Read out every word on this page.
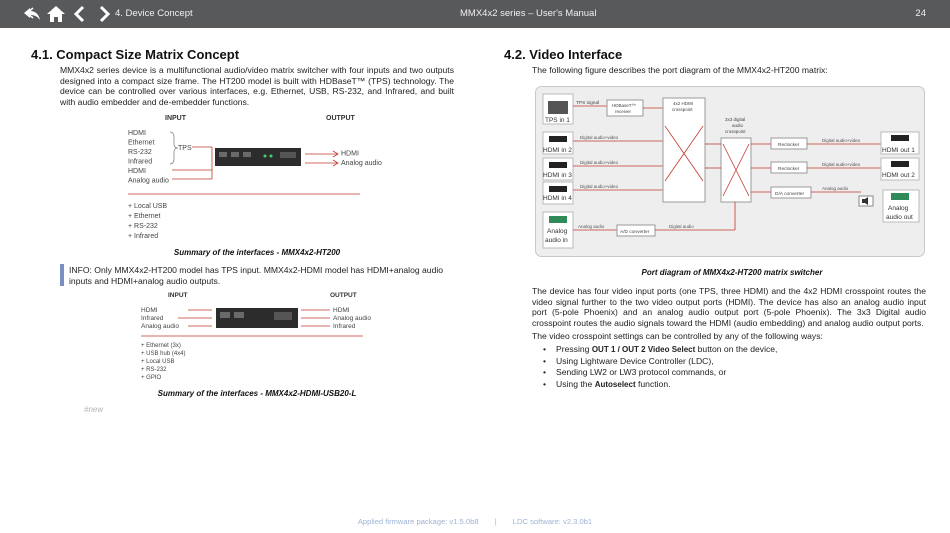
4. Device Concept	MMX4x2 series – User's Manual	24
4.1. Compact Size Matrix Concept

MMX4x2 series device is a multifunctional audio/video matrix switcher with four inputs and two outputs designed into a compact size frame. The HT200 model is built with HDBaseT™ (TPS) technology. The device can be controlled over various interfaces, e.g. Ethernet, USB, RS-232, and Infrared, and built with audio embedder and de-embedder functions.

INPUT	OUTPUT
HDMI
Ethernet
RS-232
Infrared
HDMI
Analog audio
TPS
HDMI
Analog audio
+ Local USB
+ Ethernet
+ RS-232
+ Infrared
Summary of the interfaces - MMX4x2-HT200
INFO: Only MMX4x2-HT200 model has TPS input. MMX4x2-HDMI model has HDMI+analog audio inputs and HDMI+analog audio outputs.
INPUT	OUTPUT
HDMI
Infrared
Analog audio
HDMI
Analog audio
Infrared
+ Ethernet (3x)
+ USB hub (4x4)
+ Local USB
+ RS-232
+ GPIO
Summary of the interfaces - MMX4x2-HDMI-USB20-L
#new
4.2. Video Interface

The following figure describes the port diagram of the MMX4x2-HT200 matrix:

TPS in 1
HDMI in 2
HDMI in 3
HDMI in 4
Analog
audio in
TPS signal	HDBaseT™
receiver
Digital audio+video
Digital audio+video
Digital audio+video
4x2 HDMI
crosspoint
3x3 digital
audio
crosspoint
Reclocker
Reclocker
D/A converter
Digital audio+video
Digital audio+video
Analog audio
HDMI out 1
HDMI out 2
Analog
audio out
Analog audio
A/D converter
Digital audio
Port diagram of MMX4x2-HT200 matrix switcher

The device has four video input ports (one TPS, three HDMI) and the 4x2 HDMI crosspoint routes the video signal further to the two video output ports (HDMI). The device has also an analog audio input port (5-pole Phoenix) and an analog audio output port (5-pole Phoenix). The 3x3 Digital audio crosspoint routes the audio signals toward the HDMI (audio embedding) and analog audio output ports.

The video crosspoint settings can be controlled by any of the following ways:

• Pressing OUT 1 / OUT 2 Video Select button on the device,
• Using Lightware Device Controller (LDC),
• Sending LW2 or LW3 protocol commands, or
• Using the Autoselect function.
Applied firmware package: v1.5.0b8 | LDC software: v2.3.0b1
